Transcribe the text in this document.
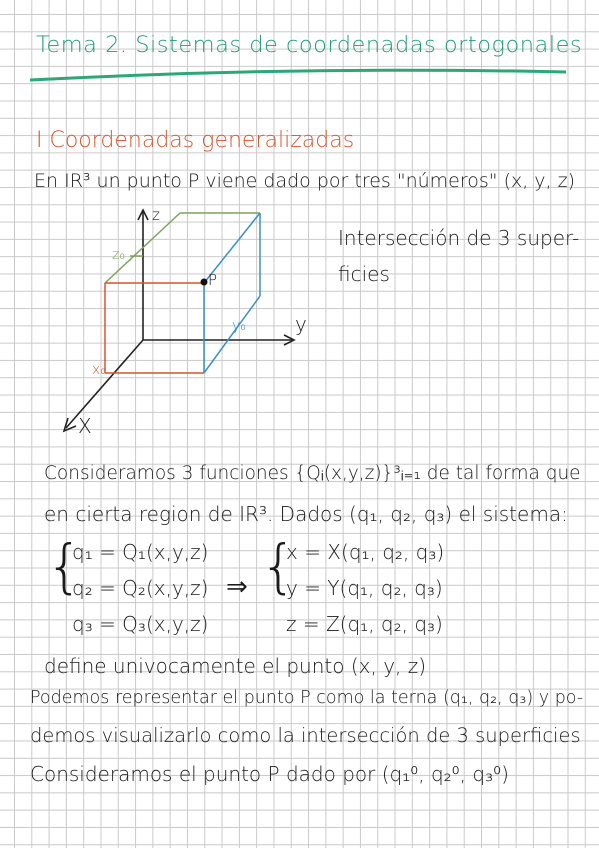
Tema 2. Sistemas de coordenadas ortogonales
I Coordenadas generalizadas
En IR³ un punto P viene dado por tres "números" (x, y, z)
z
y
X
P
z₀
x₀
y₀
Intersección de 3 super-
ficies
Consideramos 3 funciones {Qᵢ(x,y,z)}³ᵢ₌₁ de tal forma que
en cierta region de IR³. Dados (q₁, q₂, q₃) el sistema:
{
q₁ = Q₁(x,y,z)
q₂ = Q₂(x,y,z)
q₃ = Q₃(x,y,z)
⇒ {
x = X(q₁, q₂, q₃)
y = Y(q₁, q₂, q₃)
z = Z(q₁, q₂, q₃)
define univocamente el punto (x, y, z)
Podemos representar el punto P como la terna (q₁, q₂, q₃) y po-
demos visualizarlo como la intersección de 3 superficies
Consideramos el punto P dado por (q₁⁰, q₂⁰, q₃⁰)
